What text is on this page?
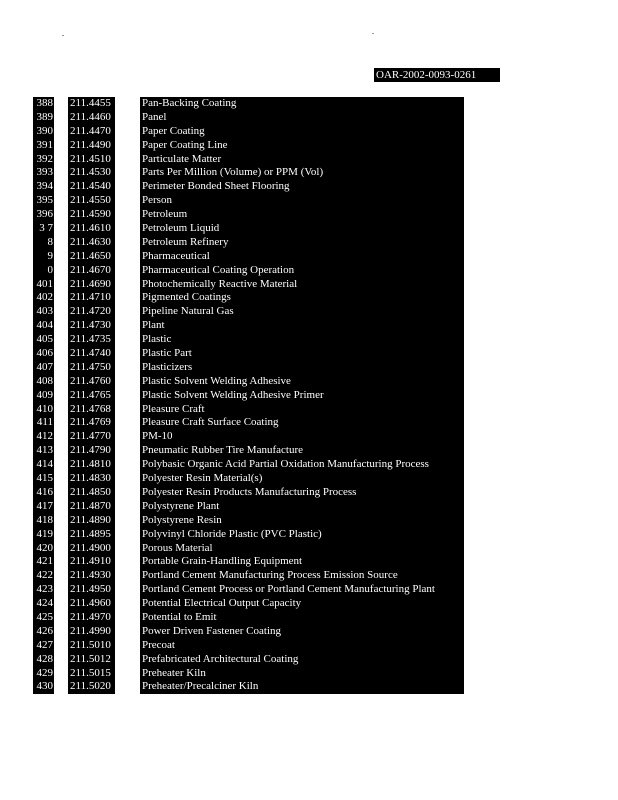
OAR-2002-0093-0261
388
389
390
391
392
393
394
395
396
3 7
8
9
0
401
402
403
404
405
406
407
408
409
410
411
412
413
414
415
416
417
418
419
420
421
422
423
424
425
426
427
428
429
430
211.4455
211.4460
211.4470
211.4490
211.4510
211.4530
211.4540
211.4550
211.4590
211.4610
211.4630
211.4650
211.4670
211.4690
211.4710
211.4720
211.4730
211.4735
211.4740
211.4750
211.4760
211.4765
211.4768
211.4769
211.4770
211.4790
211.4810
211.4830
211.4850
211.4870
211.4890
211.4895
211.4900
211.4910
211.4930
211.4950
211.4960
211.4970
211.4990
211.5010
211.5012
211.5015
211.5020
Pan-Backing Coating
Panel
Paper Coating
Paper Coating Line
Particulate Matter
Parts Per Million (Volume) or PPM (Vol)
Perimeter Bonded Sheet Flooring
Person
Petroleum
Petroleum Liquid
Petroleum Refinery
Pharmaceutical
Pharmaceutical Coating Operation
Photochemically Reactive Material
Pigmented Coatings
Pipeline Natural Gas
Plant
Plastic
Plastic Part
Plasticizers
Plastic Solvent Welding Adhesive
Plastic Solvent Welding Adhesive Primer
Pleasure Craft
Pleasure Craft Surface Coating
PM-10
Pneumatic Rubber Tire Manufacture
Polybasic Organic Acid Partial Oxidation Manufacturing Process
Polyester Resin Material(s)
Polyester Resin Products Manufacturing Process
Polystyrene Plant
Polystyrene Resin
Polyvinyl Chloride Plastic (PVC Plastic)
Porous Material
Portable Grain-Handling Equipment
Portland Cement Manufacturing Process Emission Source
Portland Cement Process or Portland Cement Manufacturing Plant
Potential Electrical Output Capacity
Potential to Emit
Power Driven Fastener Coating
Precoat
Prefabricated Architectural Coating
Preheater Kiln
Preheater/Precalciner Kiln
